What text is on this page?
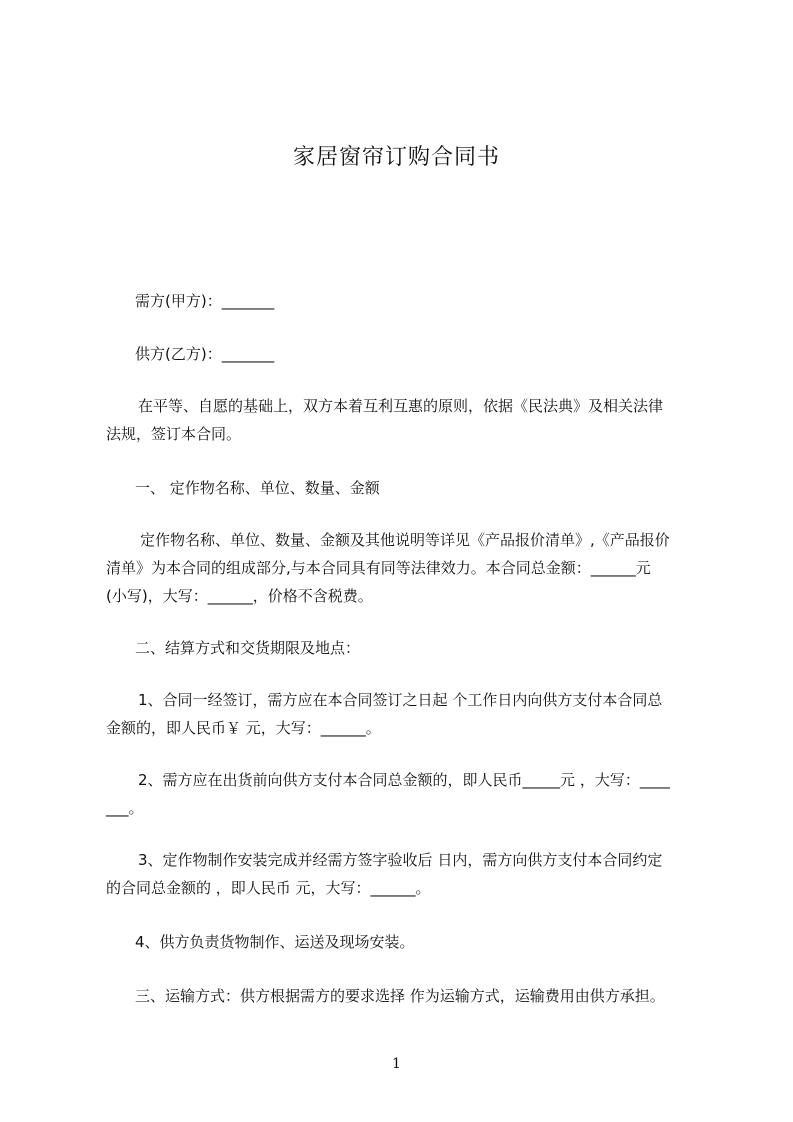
家居窗帘订购合同书
需方(甲方)：_______
供方(乙方)：_______
在平等、自愿的基础上，双方本着互利互惠的原则，依据《民法典》及相关法律
法规，签订本合同。
一、 定作物名称、单位、数量、金额
定作物名称、单位、数量、金额及其他说明等详见《产品报价清单》,《产品报价
清单》为本合同的组成部分,与本合同具有同等法律效力。本合同总金额：______元
(小写)，大写：______，价格不含税费。
二、结算方式和交货期限及地点：
1、合同一经签订，需方应在本合同签订之日起 个工作日内向供方支付本合同总
金额的，即人民币￥ 元，大写：______。
2、需方应在出货前向供方支付本合同总金额的，即人民币_____元 ，大写：____
___。
3、定作物制作安装完成并经需方签字验收后 日内，需方向供方支付本合同约定
的合同总金额的 ，即人民币 元，大写：______。
4、供方负责货物制作、运送及现场安装。
三、运输方式：供方根据需方的要求选择 作为运输方式，运输费用由供方承担。
1
